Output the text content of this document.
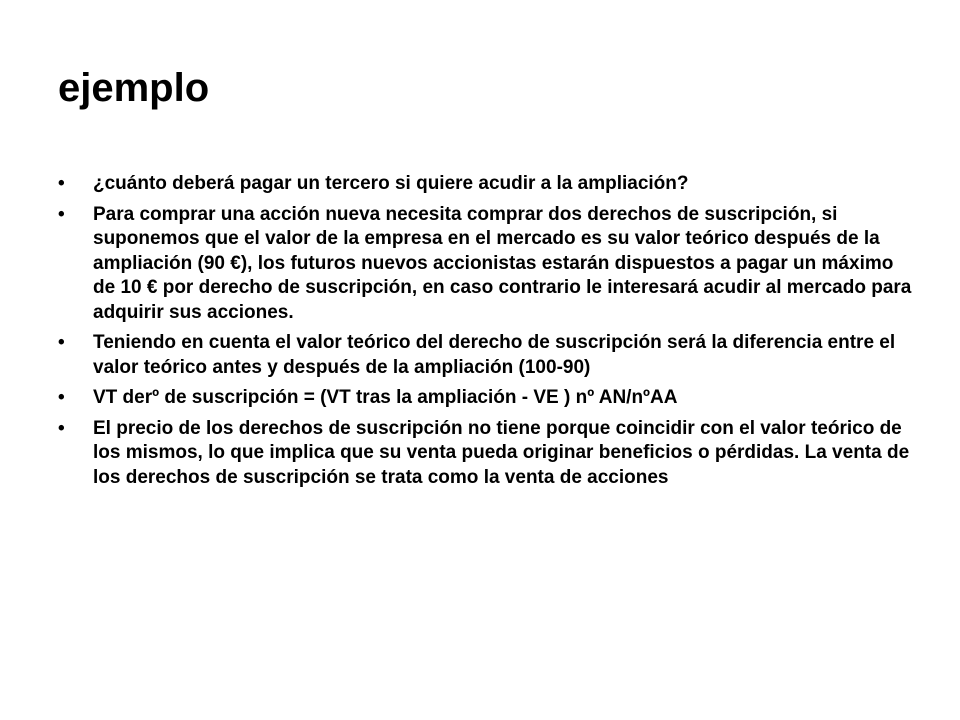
ejemplo
•	¿cuánto deberá pagar un tercero si quiere acudir a la ampliación?
•	Para comprar una acción nueva necesita comprar dos derechos de suscripción, si suponemos que el valor de la empresa en el mercado es su valor teórico después de la ampliación (90 €), los futuros nuevos accionistas estarán dispuestos a pagar un máximo de 10 € por derecho de suscripción, en caso contrario le interesará acudir al mercado para adquirir sus acciones.
•	Teniendo en cuenta el valor teórico del derecho de suscripción será la diferencia entre el valor teórico antes y después de la ampliación (100-90)
•	VT derº de suscripción = (VT tras la ampliación - VE ) nº AN/nºAA
•	El precio de los derechos de suscripción no tiene porque coincidir con el valor teórico de los mismos, lo que implica que su venta pueda originar beneficios o pérdidas. La venta de los derechos de suscripción se trata como la venta de acciones
